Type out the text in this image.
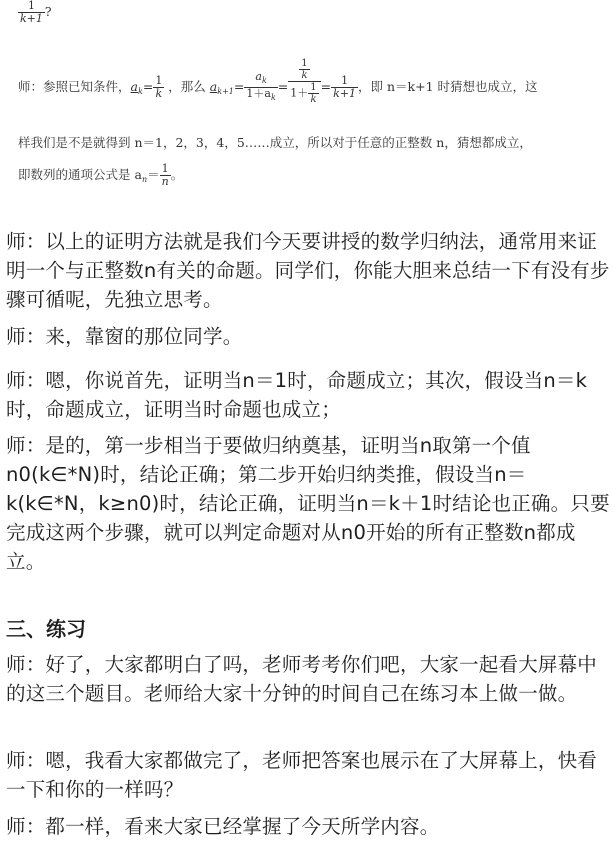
$\frac{1}{k+1}$ ?
师：参照已知条件，$a_k= \frac{1}{k}$ ，那么 $a_{k+1}= \frac{a_k}{1+a_k} = \frac{\frac{1}{k}}{1+ \frac{1}{k}} = \frac{1}{k+1}$ ，即 n＝k+1 时猜想也成立，这
样我们是不是就得到 n＝1，2，3，4，5……成立，所以对于任意的正整数 n，猜想都成立，
即数列的通项公式是 $a_n= \frac{1}{n}$ 。
师：以上的证明方法就是我们今天要讲授的数学归纳法，通常用来证明一个与正整数n有关的命题。同学们，你能大胆来总结一下有没有步骤可循呢，先独立思考。
师：来，靠窗的那位同学。
师：嗯，你说首先，证明当n＝1时，命题成立；其次，假设当n＝k时，命题成立，证明当时命题也成立；
师：是的，第一步相当于要做归纳奠基，证明当n取第一个值n0(k∈*N)时，结论正确；第二步开始归纳类推，假设当n＝k(k∈*N，k≥n0)时，结论正确，证明当n＝k＋1时结论也正确。只要完成这两个步骤，就可以判定命题对从n0开始的所有正整数n都成立。
三、练习
师：好了，大家都明白了吗，老师考考你们吧，大家一起看大屏幕中的这三个题目。老师给大家十分钟的时间自己在练习本上做一做。
师：嗯，我看大家都做完了，老师把答案也展示在了大屏幕上，快看一下和你的一样吗？
师：都一样，看来大家已经掌握了今天所学内容。
